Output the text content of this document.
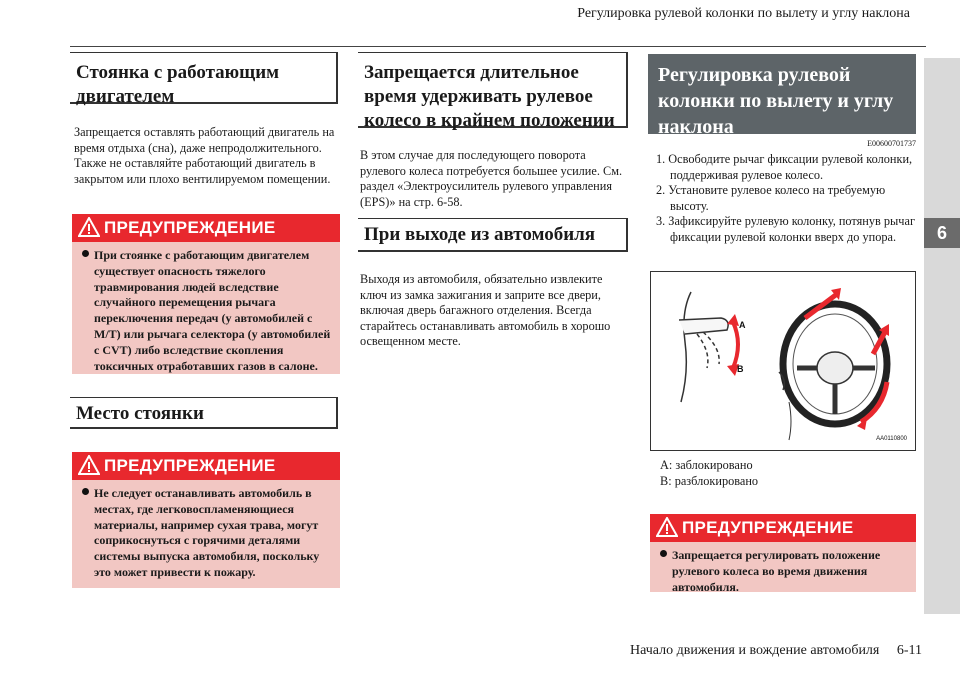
Регулировка рулевой колонки по вылету и углу наклона
6
Стоянка с работающим двигателем
Запрещается оставлять работающий двигатель на время отдыха (сна), даже непродолжительного. Также не оставляйте работающий двигатель в закрытом или плохо вентилируемом помещении.
ПРЕДУПРЕЖДЕНИЕ
При стоянке с работающим двигателем существует опасность тяжелого травмирования людей вследствие случайного перемещения рычага переключения передач (у автомобилей с M/T) или рычага селектора (у автомобилей с CVT) либо вследствие скопления токсичных отработавших газов в салоне.
Место стоянки
ПРЕДУПРЕЖДЕНИЕ
Не следует останавливать автомобиль в местах, где легковоспламеняющиеся материалы, например сухая трава, могут соприкоснуться с горячими деталями системы выпуска автомобиля, поскольку это может привести к пожару.
Запрещается длительное время удерживать рулевое колесо в крайнем положении
В этом случае для последующего поворота рулевого колеса потребуется большее усилие. См. раздел «Электроусилитель рулевого управления (EPS)» на стр. 6-58.
При выходе из автомобиля
Выходя из автомобиля, обязательно извлеките ключ из замка зажигания и заприте все двери, включая дверь багажного отделения. Всегда старайтесь останавливать автомобиль в хорошо освещенном месте.
Регулировка рулевой колонки по вылету и углу наклона
E00600701737
1. Освободите рычаг фиксации рулевой колонки, поддерживая рулевое колесо.
2. Установите рулевое колесо на требуемую высоту.
3. Зафиксируйте рулевую колонку, потянув рычаг фиксации рулевой колонки вверх до упора.
A
B
AA0110800
A: заблокировано
B: разблокировано
ПРЕДУПРЕЖДЕНИЕ
Запрещается регулировать положение рулевого колеса во время движения автомобиля.
Начало движения и вождение автомобиля     6-11
